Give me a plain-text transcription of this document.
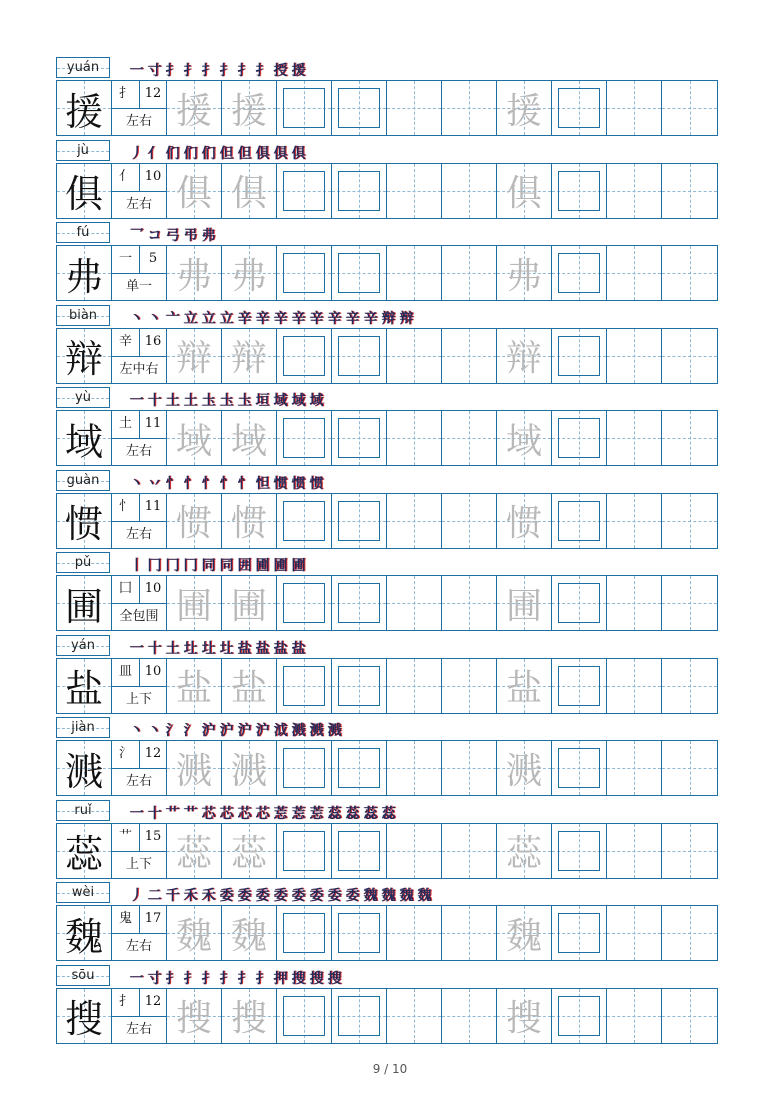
yuán	一 寸 扌 扌 扌 扌 扌 扌 授 援
援	扌 12
左右 援 援	援
jù	丿 亻 们 们 们 但 但 俱 俱 俱
俱	亻 10
左右 俱 俱	俱
fú	乛 コ 弓 弔 弗
弗	一	5
单一 弗 弗	弗
biàn	丶 丶 亠 立 立 立 辛 辛 辛 辛 辛 辛 辛 辛 辩 辩
辩	辛 16
左中右 辩 辩	辩
yù	一 十 土 土 圡 圡 圡 垣 域 域 域
域	土 11
左右 域 域	域
guàn	丶 丷 忄 忄 忄 忄 忄 怛 惯 惯 惯
惯	忄 11
左右 惯 惯	惯
pǔ	丨 冂 冂 冂 同 同 囲 圃 圃 圃
圃	囗 10
全包围 圃 圃	圃
yán	一 十 土 圵 圵 圵 盐 盐 盐 盐
盐	皿 10
上下 盐 盐	盐
jiàn	丶 丶 氵 氵 沪 沪 沪 沪 泧 溅 溅 溅
溅	氵 12
左右 溅 溅	溅
ruǐ	一 十 艹 艹 芯 芯 芯 芯 莣 莣 莣 蕊 蕊 蕊 蕊
蕊	艹 15
上下 蕊 蕊	蕊
wèi	丿 二 千 禾 禾 委 委 委 委 委 委 委 委 魏 魏 魏 魏
魏	鬼 17
左右 魏 魏	魏
sōu	一 寸 扌 扌 扌 扌 扌 扌 押 搜 搜 搜
搜	扌 12
左右 搜 搜	搜
9 / 10
